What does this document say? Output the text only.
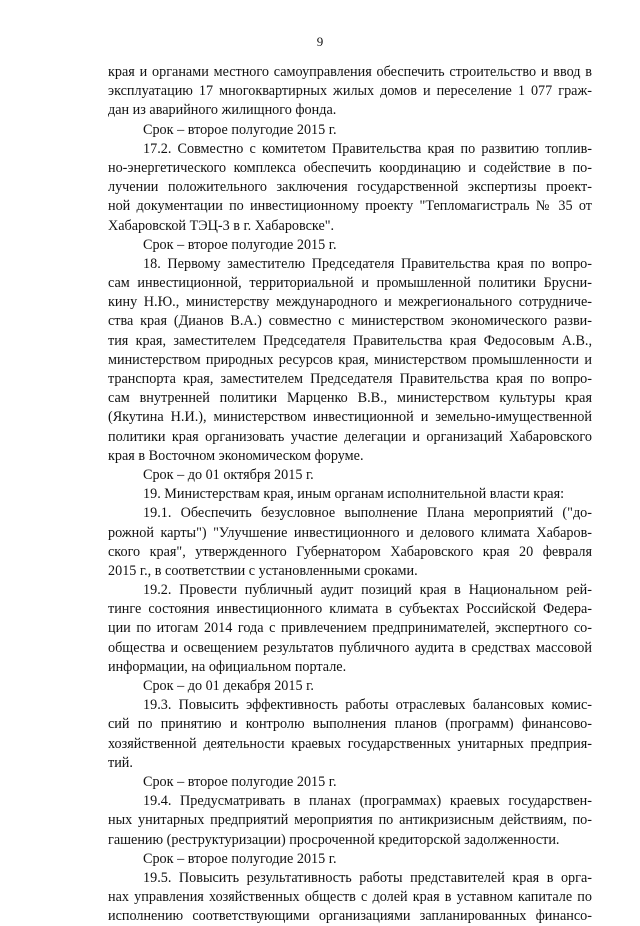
9
края и органами местного самоуправления обеспечить строительство и ввод в
эксплуатацию 17 многоквартирных жилых домов и переселение 1 077 граж-
дан из аварийного жилищного фонда.
Срок – второе полугодие 2015 г.
17.2. Совместно с комитетом Правительства края по развитию топлив-
но-энергетического комплекса обеспечить координацию и содействие в по-
лучении положительного заключения государственной экспертизы проект-
ной документации по инвестиционному проекту "Тепломагистраль № 35 от
Хабаровской ТЭЦ-3 в г. Хабаровске".
Срок – второе полугодие 2015 г.
18. Первому заместителю Председателя Правительства края по вопро-
сам инвестиционной, территориальной и промышленной политики Бруcни-
кину Н.Ю., министерству международного и межрегионального сотрудниче-
ства края (Дианов В.А.) совместно с министерством экономического разви-
тия края, заместителем Председателя Правительства края Федосовым А.В.,
министерством природных ресурсов края, министерством промышленности и
транспорта края, заместителем Председателя Правительства края по вопро-
сам внутренней политики Марценко В.В., министерством культуры края
(Якутина Н.И.), министерством инвестиционной и земельно-имущественной
политики края организовать участие делегации и организаций Хабаровского
края в Восточном экономическом форуме.
Срок – до 01 октября 2015 г.
19. Министерствам края, иным органам исполнительной власти края:
19.1. Обеспечить безусловное выполнение Плана мероприятий ("до-
рожной карты") "Улучшение инвестиционного и делового климата Хабаров-
ского края", утвержденного Губернатором Хабаровского края 20 февраля
2015 г., в соответствии с установленными сроками.
19.2. Провести публичный аудит позиций края в Национальном рей-
тинге состояния инвестиционного климата в субъектах Российской Федера-
ции по итогам 2014 года с привлечением предпринимателей, экспертного со-
общества и освещением результатов публичного аудита в средствах массовой
информации, на официальном портале.
Срок – до 01 декабря 2015 г.
19.3. Повысить эффективность работы отраслевых балансовых комис-
сий по принятию и контролю выполнения планов (программ) финансово-
хозяйственной деятельности краевых государственных унитарных предприя-
тий.
Срок – второе полугодие 2015 г.
19.4. Предусматривать в планах (программах) краевых государствен-
ных унитарных предприятий мероприятия по антикризисным действиям, по-
гашению (реструктуризации) просроченной кредиторской задолженности.
Срок – второе полугодие 2015 г.
19.5. Повысить результативность работы представителей края в орга-
нах управления хозяйственных обществ с долей края в уставном капитале по
исполнению соответствующими организациями запланированных финансо-
